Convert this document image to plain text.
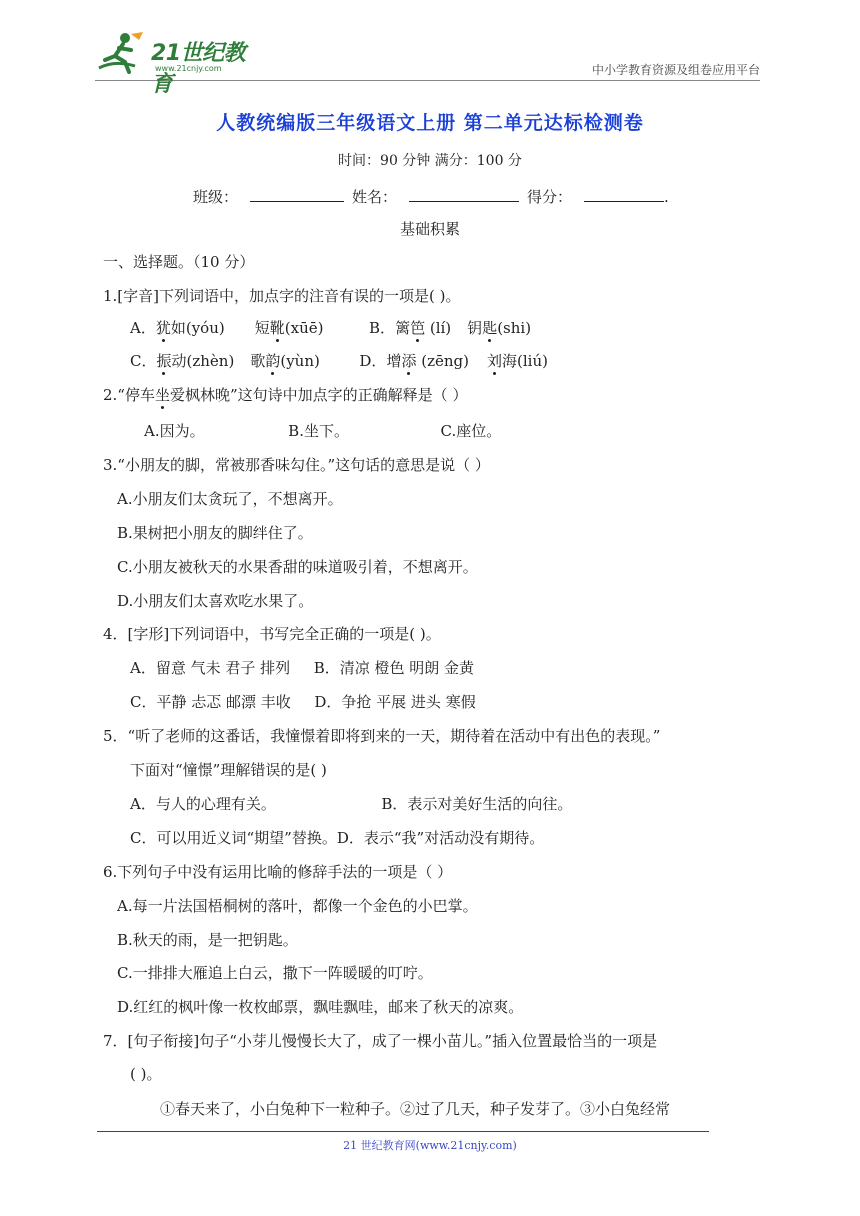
21世纪教育
www.21cnjy.com	中小学教育资源及组卷应用平台
人教统编版三年级语文上册 第二单元达标检测卷
时间：90 分钟 满分：100 分
班级：	姓名：	得分：	.
基础积累
一、选择题。（10 分）
1.[字音]下列词语中，加点字的注音有误的一项是( )。
A．犹如(yóu) 短靴(xūē)	B．篱笆 (lí) 钥匙(shi)
C．振动(zhèn) 歌韵(yùn)	D．增添 (zēng) 刘海(liú)
2.“停车坐爱枫林晚”这句诗中加点字的正确解释是（ ）
A.因为。	B.坐下。	C.座位。
3.“小朋友的脚，常被那香味勾住。”这句话的意思是说（ ）
A.小朋友们太贪玩了，不想离开。
B.果树把小朋友的脚绊住了。
C.小朋友被秋天的水果香甜的味道吸引着，不想离开。
D.小朋友们太喜欢吃水果了。
4．[字形]下列词语中，书写完全正确的一项是( )。
A．留意 气未 君子 排列 B．清凉 橙色 明朗 金黄
C．平静 忐忑 邮漂 丰收 D．争抢 平展 进头 寒假
5．“听了老师的这番话，我憧憬着即将到来的一天，期待着在活动中有出色的表现。”
下面对“憧憬”理解错误的是( )
A．与人的心理有关。	B．表示对美好生活的向往。
C．可以用近义词“期望”替换。D．表示“我”对活动没有期待。
6.下列句子中没有运用比喻的修辞手法的一项是（ ）
A.每一片法国梧桐树的落叶，都像一个金色的小巴掌。
B.秋天的雨，是一把钥匙。
C.一排排大雁追上白云，撒下一阵暖暖的叮咛。
D.红红的枫叶像一枚枚邮票，飘哇飘哇，邮来了秋天的凉爽。
7．[句子衔接]句子“小芽儿慢慢长大了，成了一棵小苗儿。”插入位置最恰当的一项是
( )。
①春天来了，小白兔种下一粒种子。②过了几天，种子发芽了。③小白兔经常
21 世纪教育网(www.21cnjy.com)
